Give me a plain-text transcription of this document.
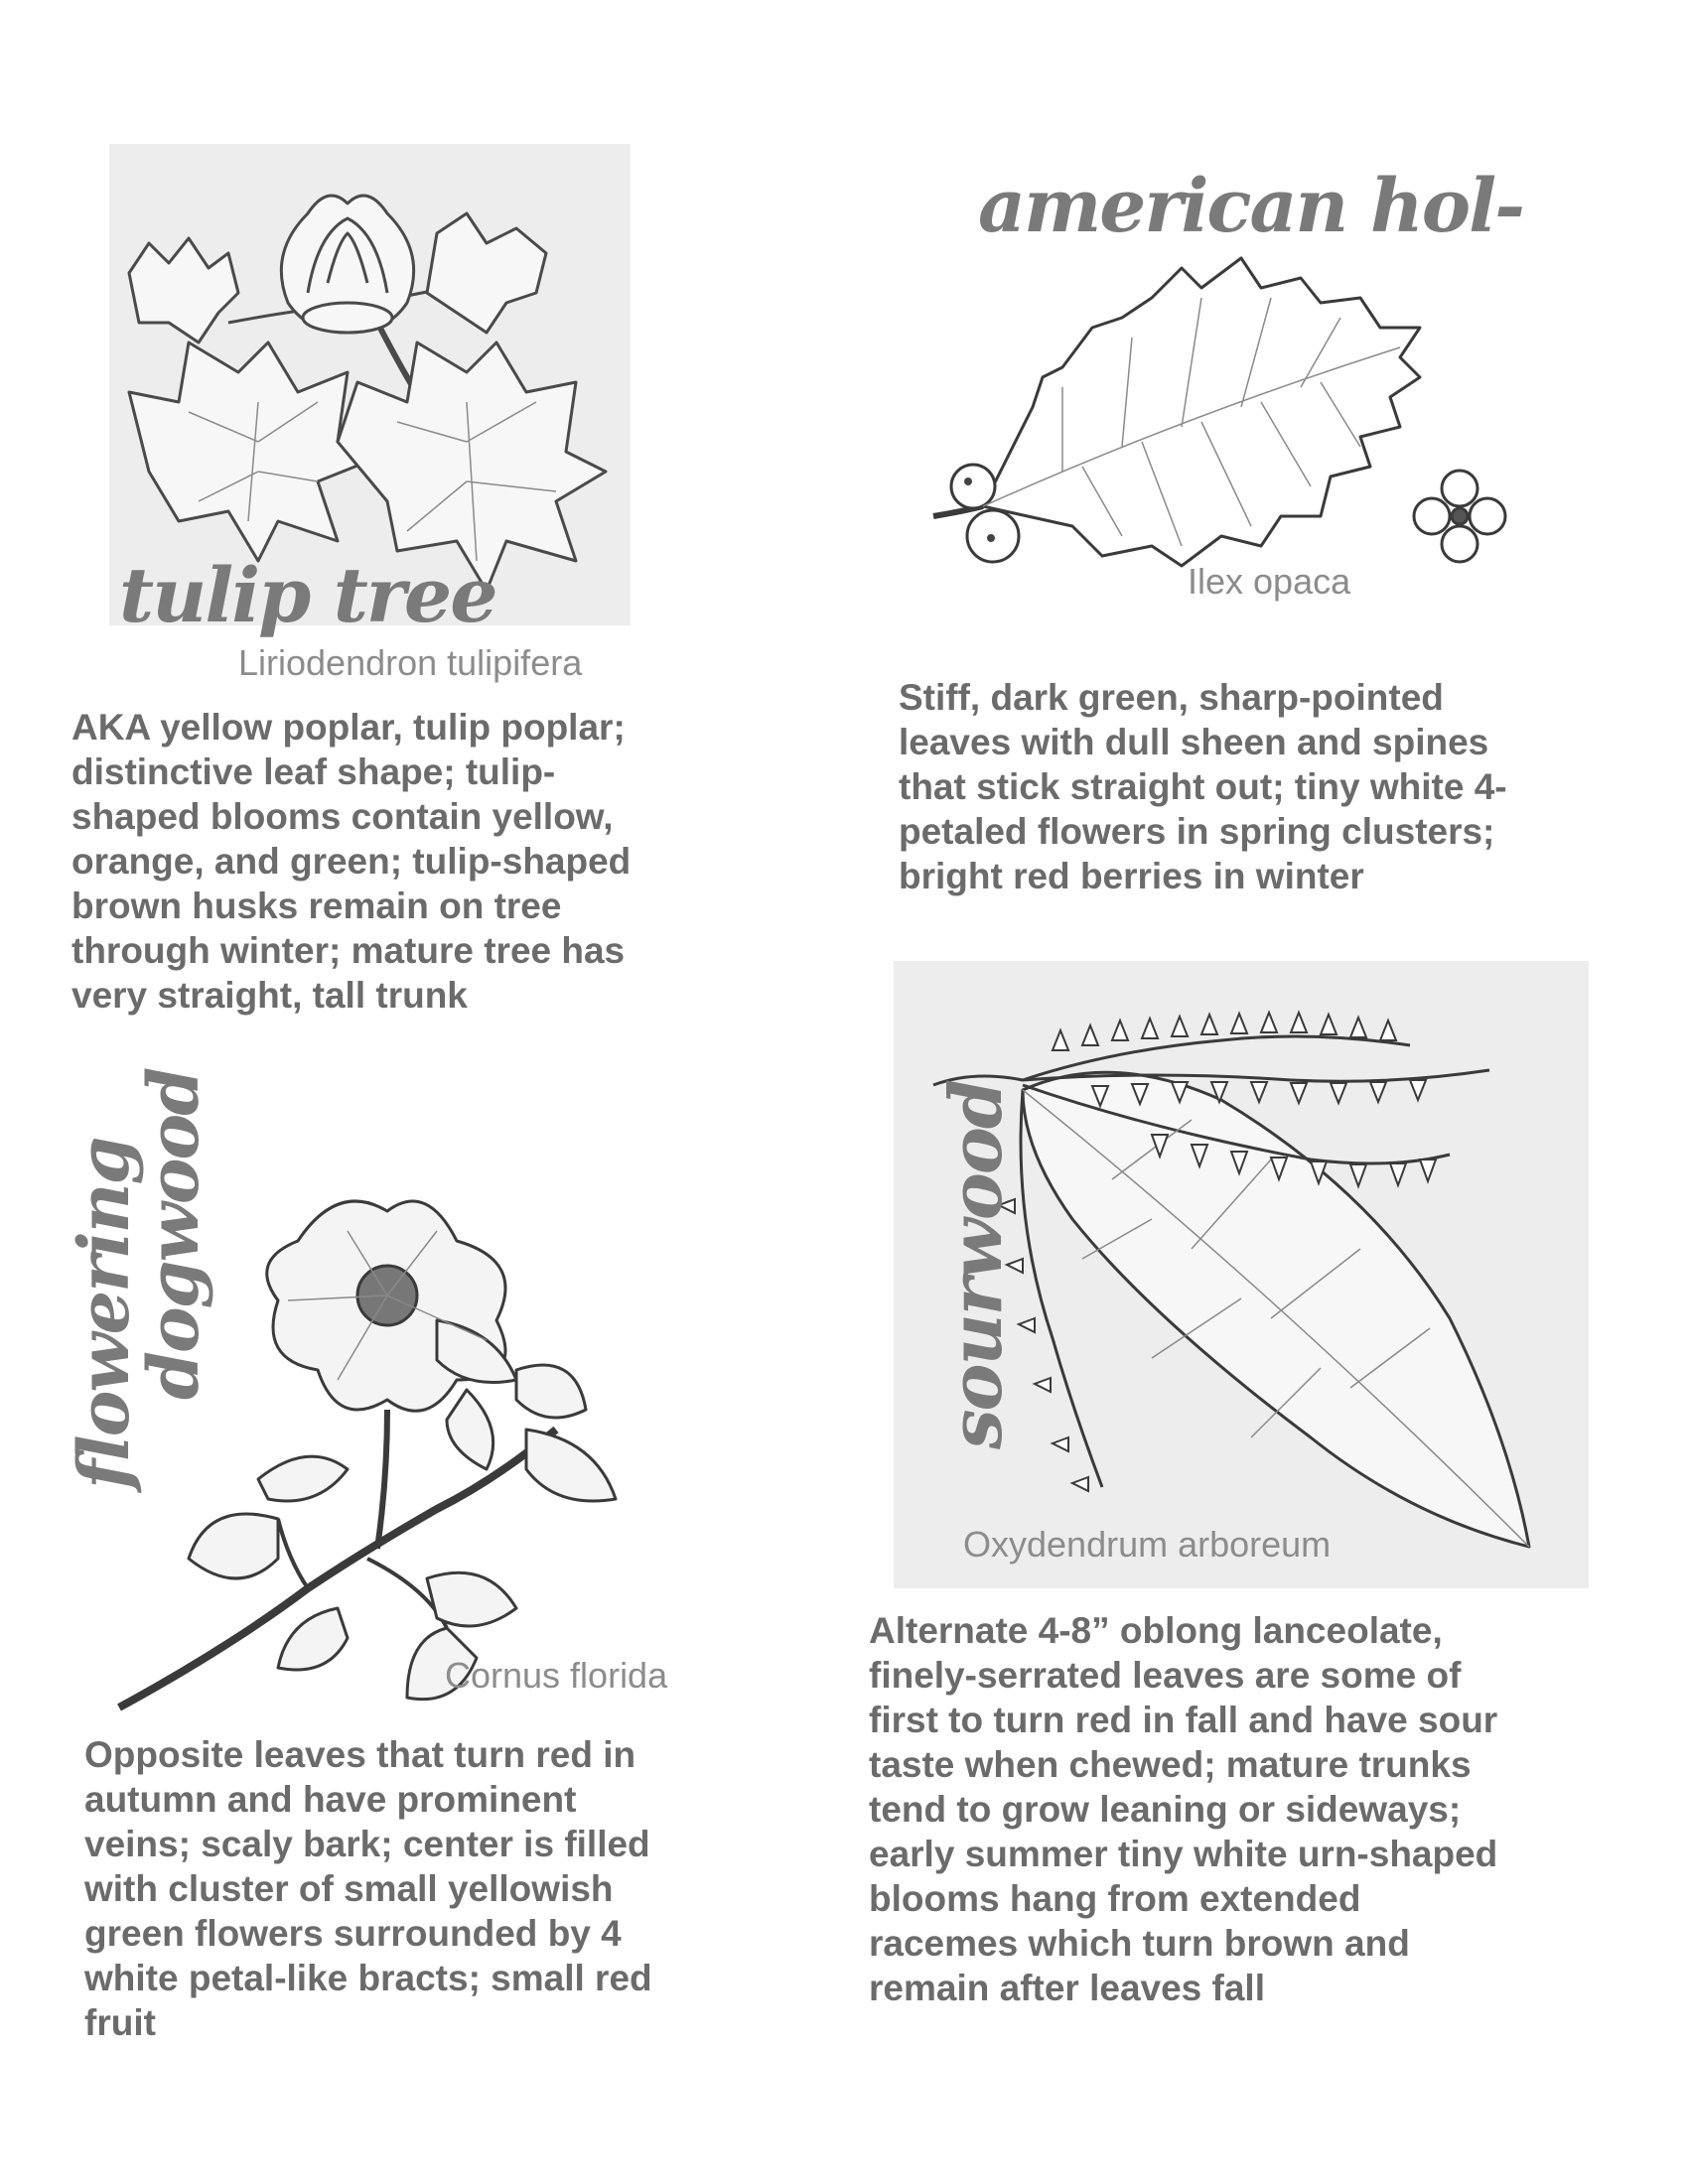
tulip tree
Liriodendron tulipifera
AKA yellow poplar, tulip poplar;
distinctive leaf shape; tulip-
shaped blooms contain yellow,
orange, and green; tulip-shaped
brown husks remain on tree
through winter; mature tree has
very straight, tall trunk
american hol-
Ilex opaca
Stiff, dark green, sharp-pointed
leaves with dull sheen and spines
that stick straight out; tiny white 4-
petaled flowers in spring clusters;
bright red berries in winter
flowering
dogwood
Cornus florida
Opposite leaves that turn red in
autumn and have prominent
veins; scaly bark; center is filled
with cluster of small yellowish
green flowers surrounded by 4
white petal-like bracts; small red
fruit
sourwood
Oxydendrum arboreum
Alternate 4-8” oblong lanceolate,
finely-serrated leaves are some of
first to turn red in fall and have sour
taste when chewed; mature trunks
tend to grow leaning or sideways;
early summer tiny white urn-shaped
blooms hang from extended
racemes which turn brown and
remain after leaves fall
